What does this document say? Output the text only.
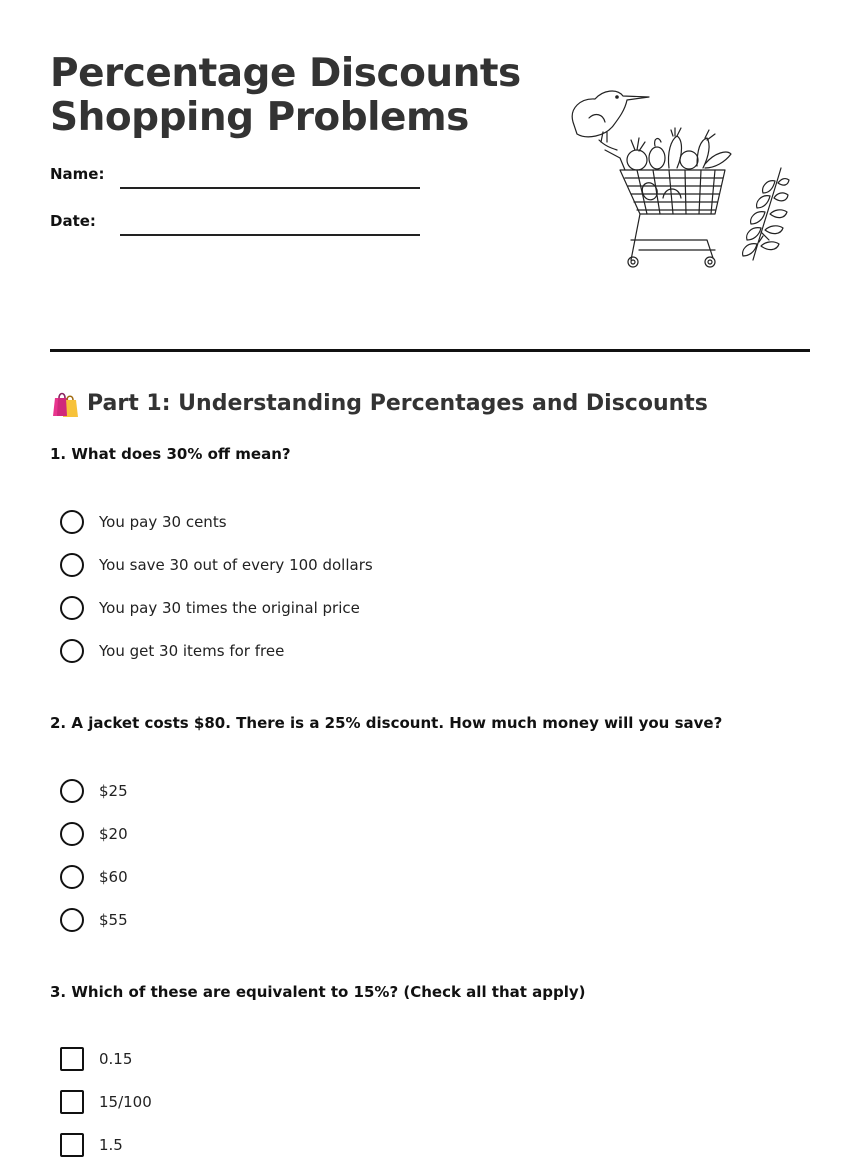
Percentage Discounts
Shopping Problems
Name:
Date:
Part 1: Understanding Percentages and Discounts

1. What does 30% off mean?

You pay 30 cents
You save 30 out of every 100 dollars
You pay 30 times the original price
You get 30 items for free

2. A jacket costs $80. There is a 25% discount. How much money will you save?

$25
$20
$60
$55

3. Which of these are equivalent to 15%? (Check all that apply)

0.15
15/100
1.5
